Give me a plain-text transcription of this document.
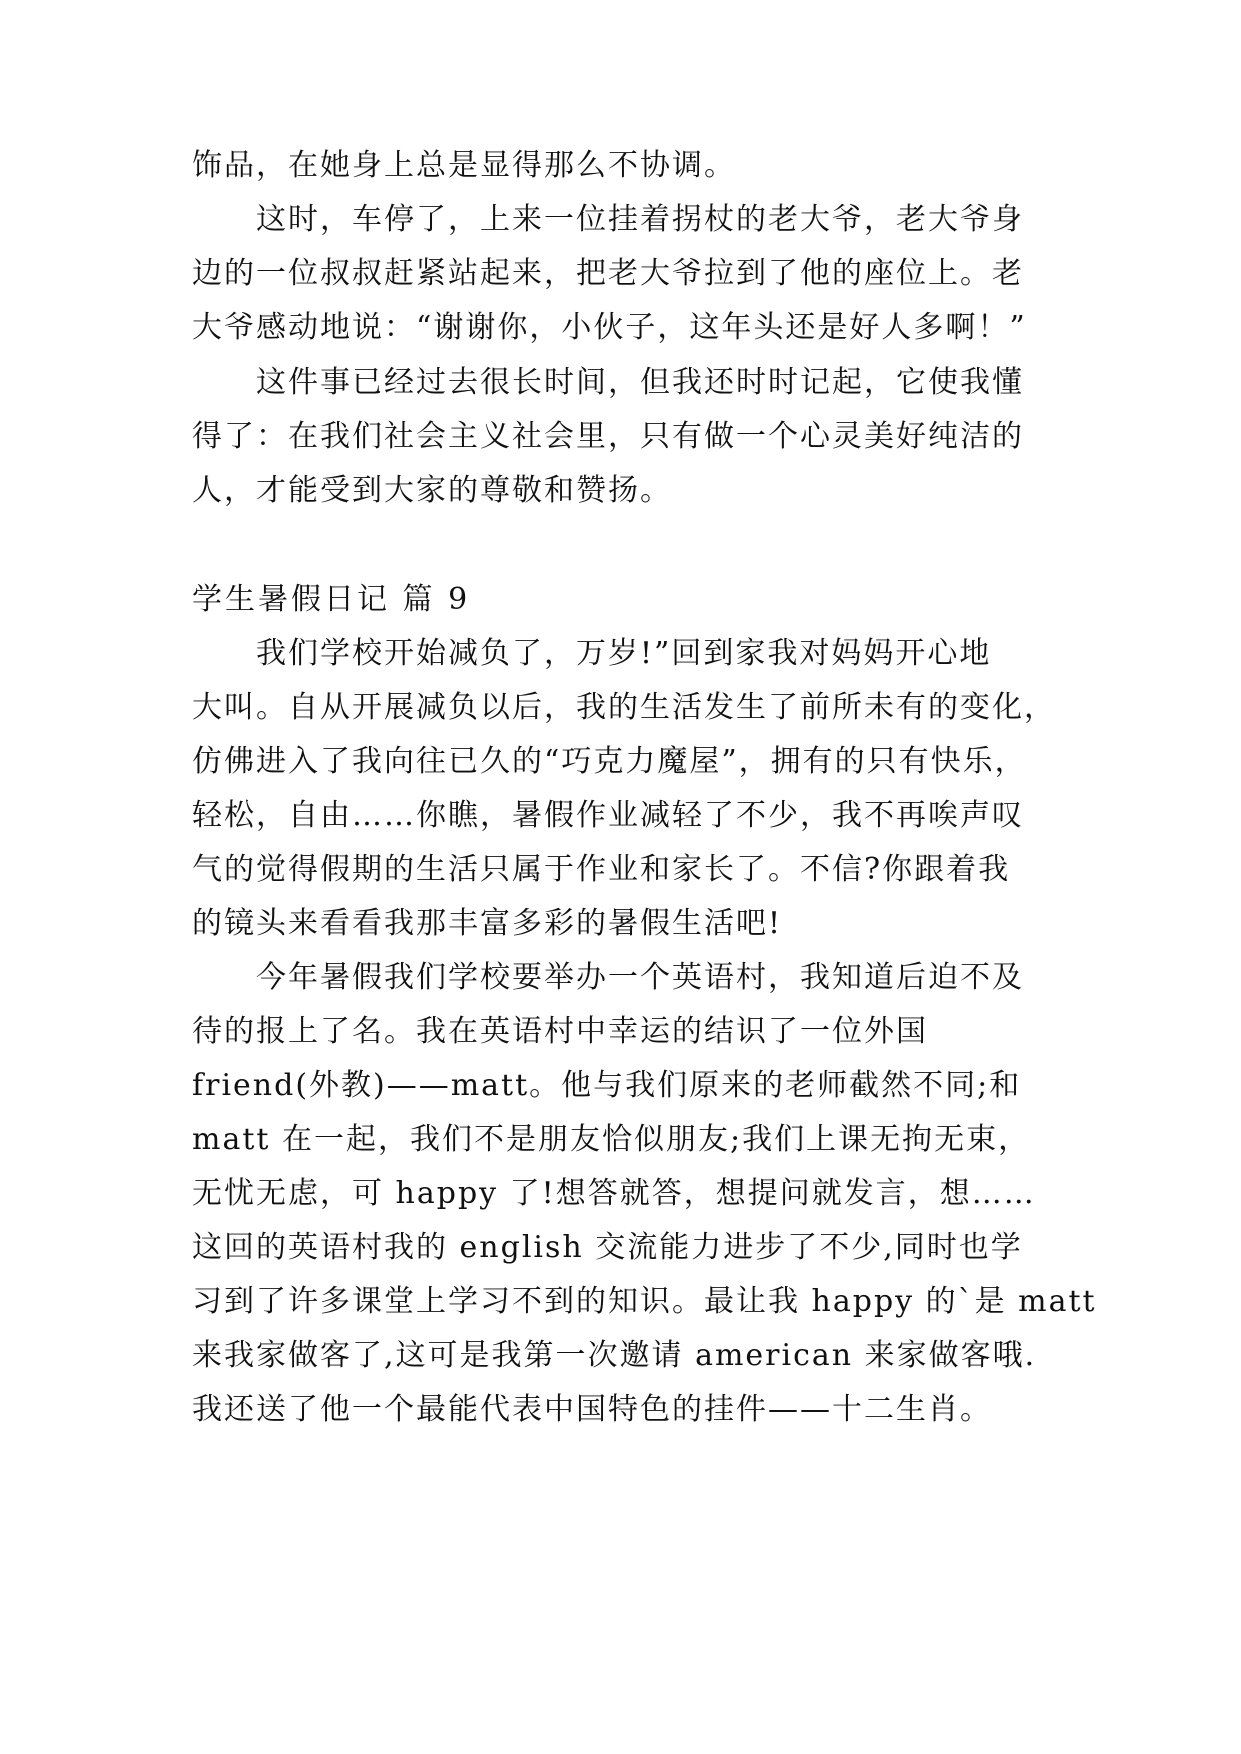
饰品，在她身上总是显得那么不协调。
这时，车停了，上来一位挂着拐杖的老大爷，老大爷身
边的一位叔叔赶紧站起来，把老大爷拉到了他的座位上。老
大爷感动地说：“谢谢你，小伙子，这年头还是好人多啊！”
这件事已经过去很长时间，但我还时时记起，它使我懂
得了：在我们社会主义社会里，只有做一个心灵美好纯洁的
人，才能受到大家的尊敬和赞扬。
学生暑假日记 篇 9
我们学校开始减负了，万岁!”回到家我对妈妈开心地
大叫。自从开展减负以后，我的生活发生了前所未有的变化，
仿佛进入了我向往已久的“巧克力魔屋”，拥有的只有快乐，
轻松，自由……你瞧，暑假作业减轻了不少，我不再唉声叹
气的觉得假期的生活只属于作业和家长了。不信?你跟着我
的镜头来看看我那丰富多彩的暑假生活吧!
今年暑假我们学校要举办一个英语村，我知道后迫不及
待的报上了名。我在英语村中幸运的结识了一位外国
friend(外教)——matt。他与我们原来的老师截然不同;和
matt 在一起，我们不是朋友恰似朋友;我们上课无拘无束，
无忧无虑，可 happy 了!想答就答，想提问就发言，想……
这回的英语村我的 english 交流能力进步了不少,同时也学
习到了许多课堂上学习不到的知识。最让我 happy 的`是 matt
来我家做客了,这可是我第一次邀请 american 来家做客哦.
我还送了他一个最能代表中国特色的挂件——十二生肖。
